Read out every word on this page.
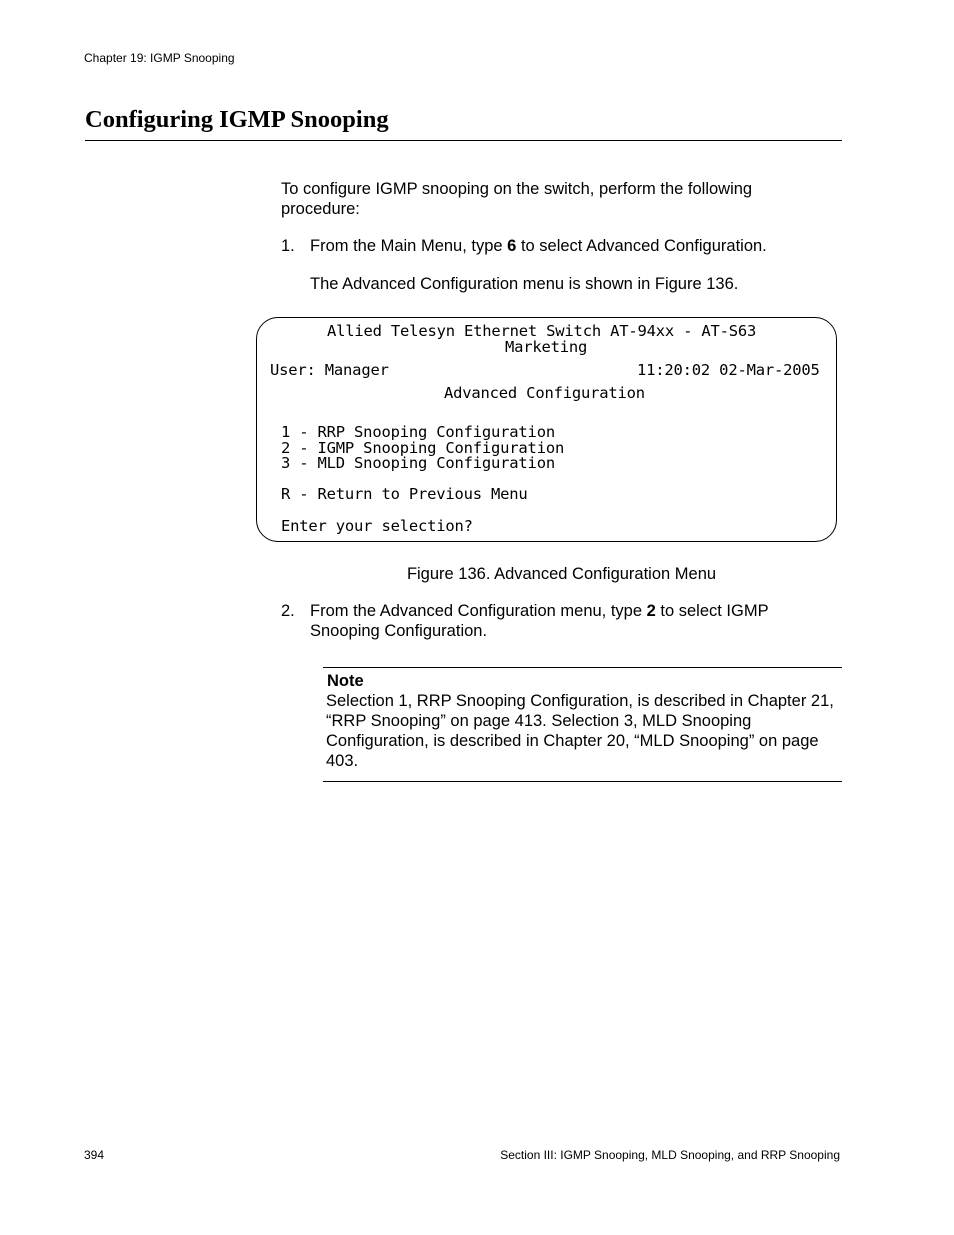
Chapter 19: IGMP Snooping
Configuring IGMP Snooping
To configure IGMP snooping on the switch, perform the following procedure:
1. From the Main Menu, type 6 to select Advanced Configuration.
The Advanced Configuration menu is shown in Figure 136.
Allied Telesyn Ethernet Switch AT-94xx - AT-S63
Marketing
User: Manager	11:20:02 02-Mar-2005
Advanced Configuration
1 - RRP Snooping Configuration
2 - IGMP Snooping Configuration
3 - MLD Snooping Configuration
R - Return to Previous Menu
Enter your selection?
Figure 136. Advanced Configuration Menu
2. From the Advanced Configuration menu, type 2 to select IGMP Snooping Configuration.
Note
Selection 1, RRP Snooping Configuration, is described in Chapter 21, “RRP Snooping” on page 413. Selection 3, MLD Snooping Configuration, is described in Chapter 20, “MLD Snooping” on page 403.
394	Section III: IGMP Snooping, MLD Snooping, and RRP Snooping
